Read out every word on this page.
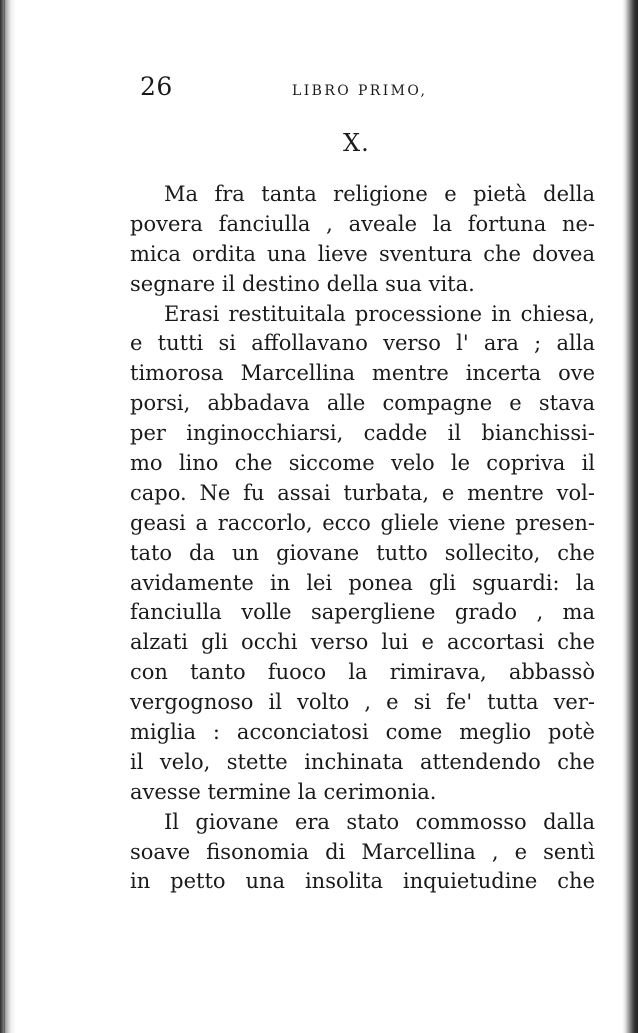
26	LIBRO PRIMO,
X.
Ma fra tanta religione e pietà della
povera fanciulla , aveale la fortuna ne-
mica ordita una lieve sventura che dovea
segnare il destino della sua vita.
Erasi restituitala processione in chiesa,
e tutti si affollavano verso l' ara ; alla
timorosa Marcellina mentre incerta ove
porsi, abbadava alle compagne e stava
per inginocchiarsi, cadde il bianchissi-
mo lino che siccome velo le copriva il
capo. Ne fu assai turbata, e mentre vol-
geasi a raccorlo, ecco gliele viene presen-
tato da un giovane tutto sollecito, che
avidamente in lei ponea gli sguardi: la
fanciulla volle sapergliene grado , ma
alzati gli occhi verso lui e accortasi che
con tanto fuoco la rimirava, abbassò
vergognoso il volto , e si fe' tutta ver-
miglia : acconciatosi come meglio potè
il velo, stette inchinata attendendo che
avesse termine la cerimonia.
Il giovane era stato commosso dalla
soave fisonomia di Marcellina , e sentì
in petto una insolita inquietudine che
